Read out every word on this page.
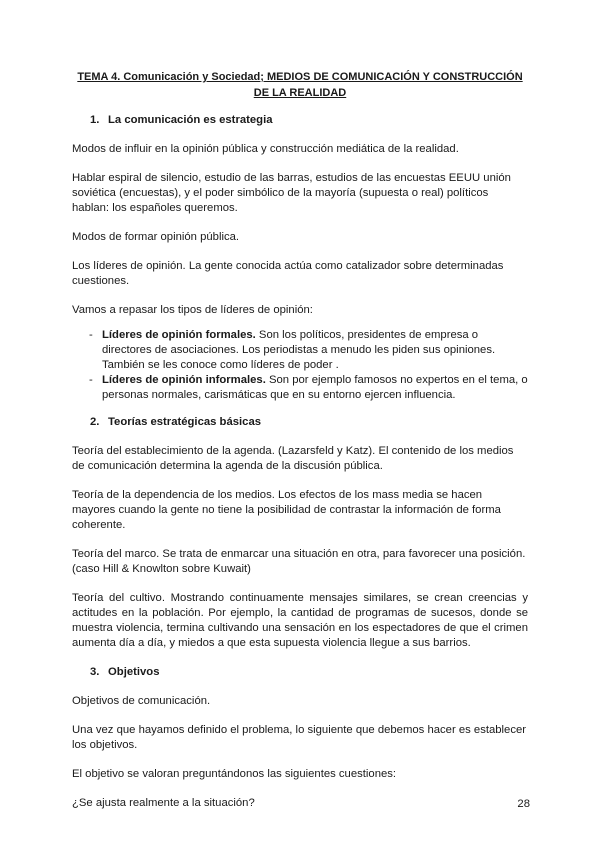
TEMA 4. Comunicación y Sociedad; MEDIOS DE COMUNICACIÓN Y CONSTRUCCIÓN
DE LA REALIDAD
1. La comunicación es estrategia

Modos de influir en la opinión pública y construcción mediática de la realidad.

Hablar espiral de silencio, estudio de las barras, estudios de las encuestas EEUU unión soviética (encuestas), y el poder simbólico de la mayoría (supuesta o real) políticos hablan: los españoles queremos.

Modos de formar opinión pública.

Los líderes de opinión. La gente conocida actúa como catalizador sobre determinadas cuestiones.

Vamos a repasar los tipos de líderes de opinión:

- Líderes de opinión formales. Son los políticos, presidentes de empresa o directores de asociaciones. Los periodistas a menudo les piden sus opiniones. También se les conoce como líderes de poder .
- Líderes de opinión informales. Son por ejemplo famosos no expertos en el tema, o personas normales, carismáticas que en su entorno ejercen influencia.
2. Teorías estratégicas básicas

Teoría del establecimiento de la agenda. (Lazarsfeld y Katz). El contenido de los medios de comunicación determina la agenda de la discusión pública.

Teoría de la dependencia de los medios. Los efectos de los mass media se hacen mayores cuando la gente no tiene la posibilidad de contrastar la información de forma coherente.

Teoría del marco. Se trata de enmarcar una situación en otra, para favorecer una posición. (caso Hill & Knowlton sobre Kuwait)

Teoría del cultivo. Mostrando continuamente mensajes similares, se crean creencias y actitudes en la población. Por ejemplo, la cantidad de programas de sucesos, donde se muestra violencia, termina cultivando una sensación en los espectadores de que el crimen aumenta día a día, y miedos a que esta supuesta violencia llegue a sus barrios.

3. Objetivos

Objetivos de comunicación.

Una vez que hayamos definido el problema, lo siguiente que debemos hacer es establecer los objetivos.

El objetivo se valoran preguntándonos las siguientes cuestiones:

¿Se ajusta realmente a la situación?	28
